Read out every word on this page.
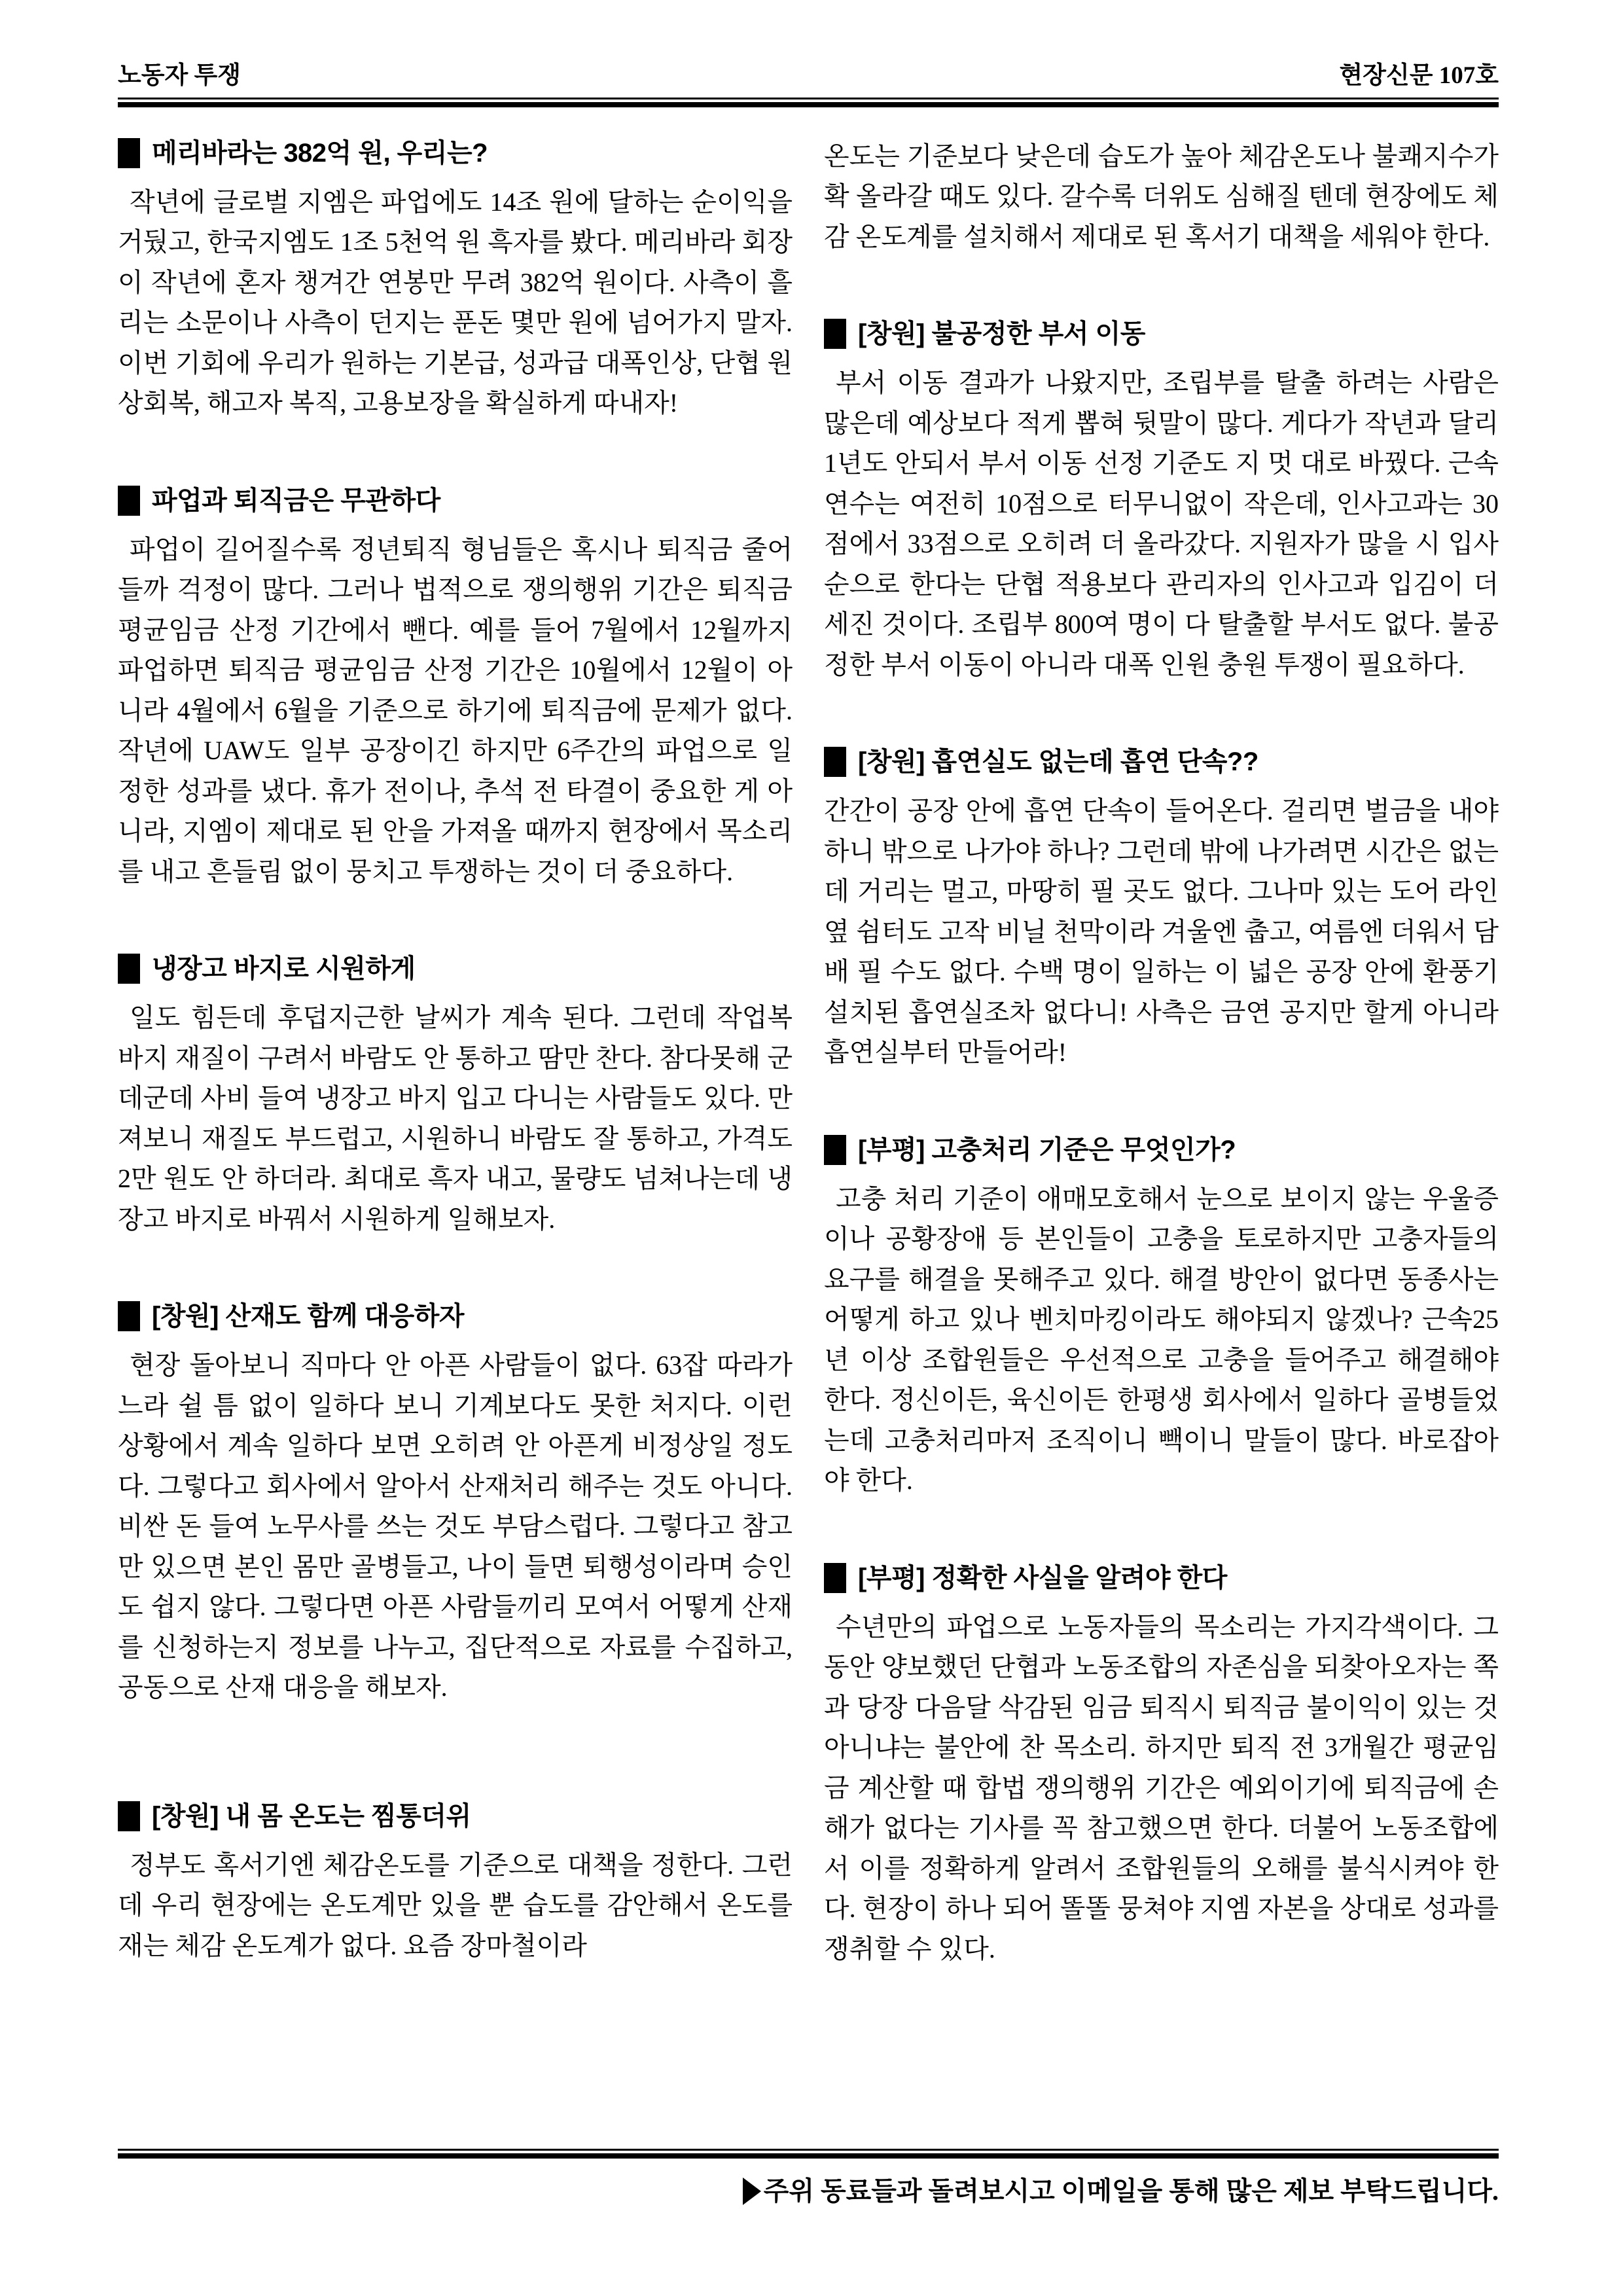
노동자 투쟁	현장신문 107호
메리바라는 382억 원, 우리는?

작년에 글로벌 지엠은 파업에도 14조 원에 달하는 순이익을 거뒀고, 한국지엠도 1조 5천억 원 흑자를 봤다. 메리바라 회장이 작년에 혼자 챙겨간 연봉만 무려 382억 원이다. 사측이 흘리는 소문이나 사측이 던지는 푼돈 몇만 원에 넘어가지 말자. 이번 기회에 우리가 원하는 기본급, 성과급 대폭인상, 단협 원상회복, 해고자 복직, 고용보장을 확실하게 따내자!

파업과 퇴직금은 무관하다

파업이 길어질수록 정년퇴직 형님들은 혹시나 퇴직금 줄어들까 걱정이 많다. 그러나 법적으로 쟁의행위 기간은 퇴직금 평균임금 산정 기간에서 뺀다. 예를 들어 7월에서 12월까지 파업하면 퇴직금 평균임금 산정 기간은 10월에서 12월이 아니라 4월에서 6월을 기준으로 하기에 퇴직금에 문제가 없다. 작년에 UAW도 일부 공장이긴 하지만 6주간의 파업으로 일정한 성과를 냈다. 휴가 전이나, 추석 전 타결이 중요한 게 아니라, 지엠이 제대로 된 안을 가져올 때까지 현장에서 목소리를 내고 흔들림 없이 뭉치고 투쟁하는 것이 더 중요하다.

냉장고 바지로 시원하게

일도 힘든데 후덥지근한 날씨가 계속 된다. 그런데 작업복 바지 재질이 구려서 바람도 안 통하고 땀만 찬다. 참다못해 군데군데 사비 들여 냉장고 바지 입고 다니는 사람들도 있다. 만져보니 재질도 부드럽고, 시원하니 바람도 잘 통하고, 가격도 2만 원도 안 하더라. 최대로 흑자 내고, 물량도 넘쳐나는데 냉장고 바지로 바꿔서 시원하게 일해보자.

[창원] 산재도 함께 대응하자

현장 돌아보니 직마다 안 아픈 사람들이 없다. 63잡 따라가느라 쉴 틈 없이 일하다 보니 기계보다도 못한 처지다. 이런 상황에서 계속 일하다 보면 오히려 안 아픈게 비정상일 정도다. 그렇다고 회사에서 알아서 산재처리 해주는 것도 아니다. 비싼 돈 들여 노무사를 쓰는 것도 부담스럽다. 그렇다고 참고만 있으면 본인 몸만 골병들고, 나이 들면 퇴행성이라며 승인도 쉽지 않다. 그렇다면 아픈 사람들끼리 모여서 어떻게 산재를 신청하는지 정보를 나누고, 집단적으로 자료를 수집하고, 공동으로 산재 대응을 해보자.

[창원] 내 몸 온도는 찜통더위

정부도 혹서기엔 체감온도를 기준으로 대책을 정한다. 그런데 우리 현장에는 온도계만 있을 뿐 습도를 감안해서 온도를 재는 체감 온도계가 없다. 요즘 장마철이라

온도는 기준보다 낮은데 습도가 높아 체감온도나 불쾌지수가 확 올라갈 때도 있다. 갈수록 더위도 심해질 텐데 현장에도 체감 온도계를 설치해서 제대로 된 혹서기 대책을 세워야 한다.

[창원] 불공정한 부서 이동

부서 이동 결과가 나왔지만, 조립부를 탈출 하려는 사람은 많은데 예상보다 적게 뽑혀 뒷말이 많다. 게다가 작년과 달리 1년도 안되서 부서 이동 선정 기준도 지 멋 대로 바꿨다. 근속연수는 여전히 10점으로 터무니없이 작은데, 인사고과는 30점에서 33점으로 오히려 더 올라갔다. 지원자가 많을 시 입사순으로 한다는 단협 적용보다 관리자의 인사고과 입김이 더 세진 것이다. 조립부 800여 명이 다 탈출할 부서도 없다. 불공정한 부서 이동이 아니라 대폭 인원 충원 투쟁이 필요하다.

[창원] 흡연실도 없는데 흡연 단속??

간간이 공장 안에 흡연 단속이 들어온다. 걸리면 벌금을 내야 하니 밖으로 나가야 하나? 그런데 밖에 나가려면 시간은 없는데 거리는 멀고, 마땅히 필 곳도 없다. 그나마 있는 도어 라인 옆 쉼터도 고작 비닐 천막이라 겨울엔 춥고, 여름엔 더워서 담배 필 수도 없다. 수백 명이 일하는 이 넓은 공장 안에 환풍기 설치된 흡연실조차 없다니! 사측은 금연 공지만 할게 아니라 흡연실부터 만들어라!

[부평] 고충처리 기준은 무엇인가?

고충 처리 기준이 애매모호해서 눈으로 보이지 않는 우울증이나 공황장애 등 본인들이 고충을 토로하지만 고충자들의 요구를 해결을 못해주고 있다. 해결 방안이 없다면 동종사는 어떻게 하고 있나 벤치마킹이라도 해야되지 않겠나? 근속25년 이상 조합원들은 우선적으로 고충을 들어주고 해결해야 한다. 정신이든, 육신이든 한평생 회사에서 일하다 골병들었는데 고충처리마저 조직이니 빽이니 말들이 많다. 바로잡아야 한다.

[부평] 정확한 사실을 알려야 한다

수년만의 파업으로 노동자들의 목소리는 가지각색이다. 그동안 양보했던 단협과 노동조합의 자존심을 되찾아오자는 쪽과 당장 다음달 삭감된 임금 퇴직시 퇴직금 불이익이 있는 것 아니냐는 불안에 찬 목소리. 하지만 퇴직 전 3개월간 평균임금 계산할 때 합법 쟁의행위 기간은 예외이기에 퇴직금에 손해가 없다는 기사를 꼭 참고했으면 한다. 더불어 노동조합에서 이를 정확하게 알려서 조합원들의 오해를 불식시켜야 한다. 현장이 하나 되어 똘똘 뭉쳐야 지엠 자본을 상대로 성과를 쟁취할 수 있다.

주위 동료들과 돌려보시고 이메일을 통해 많은 제보 부탁드립니다.
